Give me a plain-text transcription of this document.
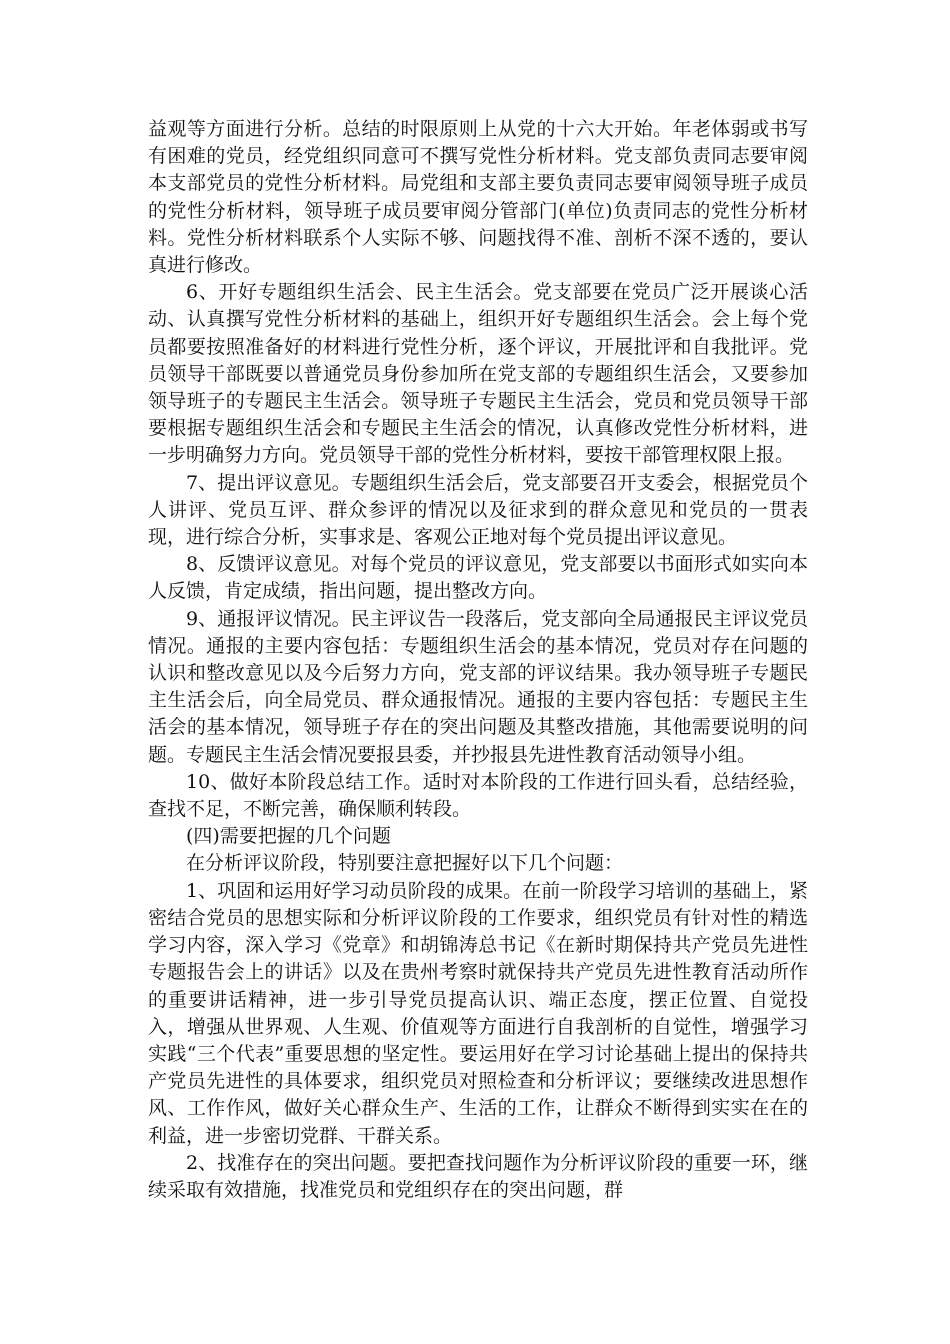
益观等方面进行分析。总结的时限原则上从党的十六大开始。年老体弱或书写有困难的党员，经党组织同意可不撰写党性分析材料。党支部负责同志要审阅本支部党员的党性分析材料。局党组和支部主要负责同志要审阅领导班子成员的党性分析材料，领导班子成员要审阅分管部门(单位)负责同志的党性分析材料。党性分析材料联系个人实际不够、问题找得不准、剖析不深不透的，要认真进行修改。

6、开好专题组织生活会、民主生活会。党支部要在党员广泛开展谈心活动、认真撰写党性分析材料的基础上，组织开好专题组织生活会。会上每个党员都要按照准备好的材料进行党性分析，逐个评议，开展批评和自我批评。党员领导干部既要以普通党员身份参加所在党支部的专题组织生活会，又要参加领导班子的专题民主生活会。领导班子专题民主生活会，党员和党员领导干部要根据专题组织生活会和专题民主生活会的情况，认真修改党性分析材料，进一步明确努力方向。党员领导干部的党性分析材料，要按干部管理权限上报。

7、提出评议意见。专题组织生活会后，党支部要召开支委会，根据党员个人讲评、党员互评、群众参评的情况以及征求到的群众意见和党员的一贯表现，进行综合分析，实事求是、客观公正地对每个党员提出评议意见。

8、反馈评议意见。对每个党员的评议意见，党支部要以书面形式如实向本人反馈，肯定成绩，指出问题，提出整改方向。

9、通报评议情况。民主评议告一段落后，党支部向全局通报民主评议党员情况。通报的主要内容包括：专题组织生活会的基本情况，党员对存在问题的认识和整改意见以及今后努力方向，党支部的评议结果。我办领导班子专题民主生活会后，向全局党员、群众通报情况。通报的主要内容包括：专题民主生活会的基本情况，领导班子存在的突出问题及其整改措施，其他需要说明的问题。专题民主生活会情况要报县委，并抄报县先进性教育活动领导小组。

10、做好本阶段总结工作。适时对本阶段的工作进行回头看，总结经验，查找不足，不断完善，确保顺利转段。

(四)需要把握的几个问题

在分析评议阶段，特别要注意把握好以下几个问题：

1、巩固和运用好学习动员阶段的成果。在前一阶段学习培训的基础上，紧密结合党员的思想实际和分析评议阶段的工作要求，组织党员有针对性的精选学习内容，深入学习《党章》和胡锦涛总书记《在新时期保持共产党员先进性专题报告会上的讲话》以及在贵州考察时就保持共产党员先进性教育活动所作的重要讲话精神，进一步引导党员提高认识、端正态度，摆正位置、自觉投入，增强从世界观、人生观、价值观等方面进行自我剖析的自觉性，增强学习实践“三个代表”重要思想的坚定性。要运用好在学习讨论基础上提出的保持共产党员先进性的具体要求，组织党员对照检查和分析评议；要继续改进思想作风、工作作风，做好关心群众生产、生活的工作，让群众不断得到实实在在的利益，进一步密切党群、干群关系。

2、找准存在的突出问题。要把查找问题作为分析评议阶段的重要一环，继续采取有效措施，找准党员和党组织存在的突出问题，群
